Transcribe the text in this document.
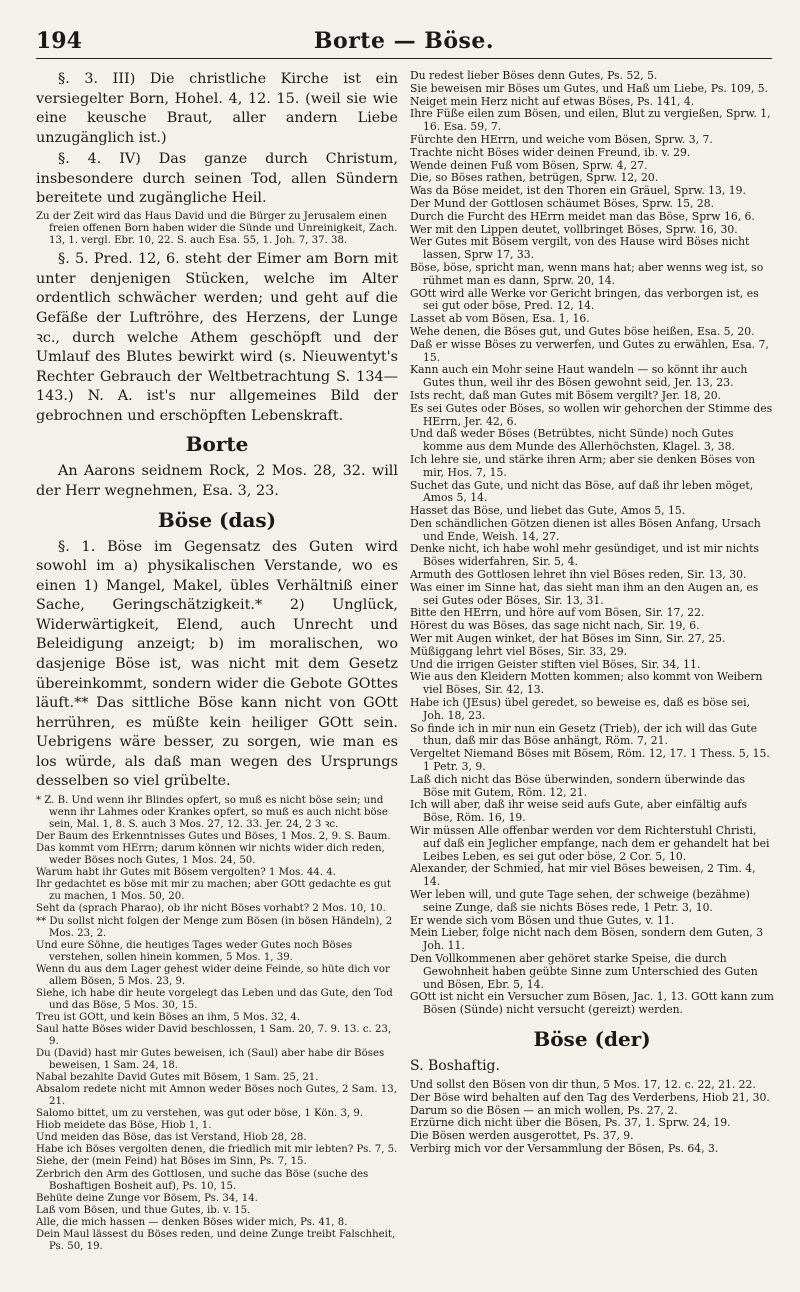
194	Borte — Böse.

§. 3. III) Die christliche Kirche ist ein versiegelter Born, Hohel. 4, 12. 15. (weil sie wie eine keusche Braut, aller andern Liebe unzugänglich ist.)

§. 4. IV) Das ganze durch Christum, insbesondere durch seinen Tod, allen Sündern bereitete und zugängliche Heil.

Zu der Zeit wird das Haus David und die Bürger zu Jerusalem einen freien offenen Born haben wider die Sünde und Unreinigkeit, Zach. 13, 1. vergl. Ebr. 10, 22. S. auch Esa. 55, 1. Joh. 7, 37. 38.

§. 5. Pred. 12, 6. steht der Eimer am Born mit unter denjenigen Stücken, welche im Alter ordentlich schwächer werden; und geht auf die Gefäße der Luftröhre, des Herzens, der Lunge ꝛc., durch welche Athem geschöpft und der Umlauf des Blutes bewirkt wird (s. Nieuwentyt's Rechter Gebrauch der Weltbetrachtung S. 134—143.) N. A. ist's nur allgemeines Bild der gebrochnen und erschöpften Lebenskraft.

Borte

An Aarons seidnem Rock, 2 Mos. 28, 32. will der Herr wegnehmen, Esa. 3, 23.

Böse (das)

§. 1. Böse im Gegensatz des Guten wird sowohl im a) physikalischen Verstande, wo es einen 1) Mangel, Makel, übles Verhältniß einer Sache, Geringschätzigkeit.* 2) Unglück, Widerwärtigkeit, Elend, auch Unrecht und Beleidigung anzeigt; b) im moralischen, wo dasjenige Böse ist, was nicht mit dem Gesetz übereinkommt, sondern wider die Gebote GOttes läuft.** Das sittliche Böse kann nicht von GOtt herrühren, es müßte kein heiliger GOtt sein. Uebrigens wäre besser, zu sorgen, wie man es los würde, als daß man wegen des Ursprungs desselben so viel grübelte.

* Z. B. Und wenn ihr Blindes opfert, so muß es nicht böse sein; und wenn ihr Lahmes oder Krankes opfert, so muß es auch nicht böse sein, Mal. 1, 8. S. auch 3 Mos. 27, 12. 33. Jer. 24, 2 3 ꝛc.

Der Baum des Erkenntnisses Gutes und Böses, 1 Mos. 2, 9. S. Baum.

Das kommt vom HErrn; darum können wir nichts wider dich reden, weder Böses noch Gutes, 1 Mos. 24, 50.

Warum habt ihr Gutes mit Bösem vergolten? 1 Mos. 44. 4.

Ihr gedachtet es böse mit mir zu machen; aber GOtt gedachte es gut zu machen, 1 Mos. 50, 20.

Seht da (sprach Pharao), ob ihr nicht Böses vorhabt? 2 Mos. 10, 10.

** Du sollst nicht folgen der Menge zum Bösen (in bösen Händeln), 2 Mos. 23, 2.

Und eure Söhne, die heutiges Tages weder Gutes noch Böses verstehen, sollen hinein kommen, 5 Mos. 1, 39.

Wenn du aus dem Lager gehest wider deine Feinde, so hüte dich vor allem Bösen, 5 Mos. 23, 9.

Siehe, ich habe dir heute vorgelegt das Leben und das Gute, den Tod und das Böse, 5 Mos. 30, 15.

Treu ist GOtt, und kein Böses an ihm, 5 Mos. 32, 4.

Saul hatte Böses wider David beschlossen, 1 Sam. 20, 7. 9. 13. c. 23, 9.

Du (David) hast mir Gutes beweisen, ich (Saul) aber habe dir Böses beweisen, 1 Sam. 24, 18.

Nabal bezahlte David Gutes mit Bösem, 1 Sam. 25, 21.

Absalom redete nicht mit Amnon weder Böses noch Gutes, 2 Sam. 13, 21.

Salomo bittet, um zu verstehen, was gut oder böse, 1 Kön. 3, 9.

Hiob meidete das Böse, Hiob 1, 1.

Und meiden das Böse, das ist Verstand, Hiob 28, 28.

Habe ich Böses vergolten denen, die friedlich mit mir lebten? Ps. 7, 5.

Siehe, der (mein Feind) hat Böses im Sinn, Ps. 7, 15.

Zerbrich den Arm des Gottlosen, und suche das Böse (suche des Boshaftigen Bosheit auf), Ps. 10, 15.

Behüte deine Zunge vor Bösem, Ps. 34, 14.

Laß vom Bösen, und thue Gutes, ib. v. 15.

Alle, die mich hassen — denken Böses wider mich, Ps. 41, 8.

Dein Maul lässest du Böses reden, und deine Zunge treibt Falschheit, Ps. 50, 19.

Du redest lieber Böses denn Gutes, Ps. 52, 5.

Sie beweisen mir Böses um Gutes, und Haß um Liebe, Ps. 109, 5.

Neiget mein Herz nicht auf etwas Böses, Ps. 141, 4.

Ihre Füße eilen zum Bösen, und eilen, Blut zu vergießen, Sprw. 1, 16. Esa. 59, 7.

Fürchte den HErrn, und weiche vom Bösen, Sprw. 3, 7.

Trachte nicht Böses wider deinen Freund, ib. v. 29.

Wende deinen Fuß vom Bösen, Sprw. 4, 27.

Die, so Böses rathen, betrügen, Sprw. 12, 20.

Was da Böse meidet, ist den Thoren ein Gräuel, Sprw. 13, 19.

Der Mund der Gottlosen schäumet Böses, Sprw. 15, 28.

Durch die Furcht des HErrn meidet man das Böse, Sprw 16, 6.

Wer mit den Lippen deutet, vollbringet Böses, Sprw. 16, 30.

Wer Gutes mit Bösem vergilt, von des Hause wird Böses nicht lassen, Sprw 17, 33.

Böse, böse, spricht man, wenn mans hat; aber wenns weg ist, so rühmet man es dann, Sprw. 20, 14.

GOtt wird alle Werke vor Gericht bringen, das verborgen ist, es sei gut oder böse, Pred. 12, 14.

Lasset ab vom Bösen, Esa. 1, 16.

Wehe denen, die Böses gut, und Gutes böse heißen, Esa. 5, 20.

Daß er wisse Böses zu verwerfen, und Gutes zu erwählen, Esa. 7, 15.

Kann auch ein Mohr seine Haut wandeln — so könnt ihr auch Gutes thun, weil ihr des Bösen gewohnt seid, Jer. 13, 23.

Ists recht, daß man Gutes mit Bösem vergilt? Jer. 18, 20.

Es sei Gutes oder Böses, so wollen wir gehorchen der Stimme des HErrn, Jer. 42, 6.

Und daß weder Böses (Betrübtes, nicht Sünde) noch Gutes komme aus dem Munde des Allerhöchsten, Klagel. 3, 38.

Ich lehre sie, und stärke ihren Arm; aber sie denken Böses von mir, Hos. 7, 15.

Suchet das Gute, und nicht das Böse, auf daß ihr leben möget, Amos 5, 14.

Hasset das Böse, und liebet das Gute, Amos 5, 15.

Den schändlichen Götzen dienen ist alles Bösen Anfang, Ursach und Ende, Weish. 14, 27.

Denke nicht, ich habe wohl mehr gesündiget, und ist mir nichts Böses widerfahren, Sir. 5, 4.

Armuth des Gottlosen lehret ihn viel Böses reden, Sir. 13, 30.

Was einer im Sinne hat, das sieht man ihm an den Augen an, es sei Gutes oder Böses, Sir. 13, 31.

Bitte den HErrn, und höre auf vom Bösen, Sir. 17, 22.

Hörest du was Böses, das sage nicht nach, Sir. 19, 6.

Wer mit Augen winket, der hat Böses im Sinn, Sir. 27, 25.

Müßiggang lehrt viel Böses, Sir. 33, 29.

Und die irrigen Geister stiften viel Böses, Sir. 34, 11.

Wie aus den Kleidern Motten kommen; also kommt von Weibern viel Böses, Sir. 42, 13.

Habe ich (JEsus) übel geredet, so beweise es, daß es böse sei, Joh. 18, 23.

So finde ich in mir nun ein Gesetz (Trieb), der ich will das Gute thun, daß mir das Böse anhängt, Röm. 7, 21.

Vergeltet Niemand Böses mit Bösem, Röm. 12, 17. 1 Thess. 5, 15. 1 Petr. 3, 9.

Laß dich nicht das Böse überwinden, sondern überwinde das Böse mit Gutem, Röm. 12, 21.

Ich will aber, daß ihr weise seid aufs Gute, aber einfältig aufs Böse, Röm. 16, 19.

Wir müssen Alle offenbar werden vor dem Richterstuhl Christi, auf daß ein Jeglicher empfange, nach dem er gehandelt hat bei Leibes Leben, es sei gut oder böse, 2 Cor. 5, 10.

Alexander, der Schmied, hat mir viel Böses beweisen, 2 Tim. 4, 14.

Wer leben will, und gute Tage sehen, der schweige (bezähme) seine Zunge, daß sie nichts Böses rede, 1 Petr. 3, 10.

Er wende sich vom Bösen und thue Gutes, v. 11.

Mein Lieber, folge nicht nach dem Bösen, sondern dem Guten, 3 Joh. 11.

Den Vollkommenen aber gehöret starke Speise, die durch Gewohnheit haben geübte Sinne zum Unterschied des Guten und Bösen, Ebr. 5, 14.

GOtt ist nicht ein Versucher zum Bösen, Jac. 1, 13. GOtt kann zum Bösen (Sünde) nicht versucht (gereizt) werden.

Böse (der)

S. Boshaftig.

Und sollst den Bösen von dir thun, 5 Mos. 17, 12. c. 22, 21. 22.

Der Böse wird behalten auf den Tag des Verderbens, Hiob 21, 30.

Darum so die Bösen — an mich wollen, Ps. 27, 2.

Erzürne dich nicht über die Bösen, Ps. 37, 1. Sprw. 24, 19.

Die Bösen werden ausgerottet, Ps. 37, 9.

Verbirg mich vor der Versammlung der Bösen, Ps. 64, 3.
